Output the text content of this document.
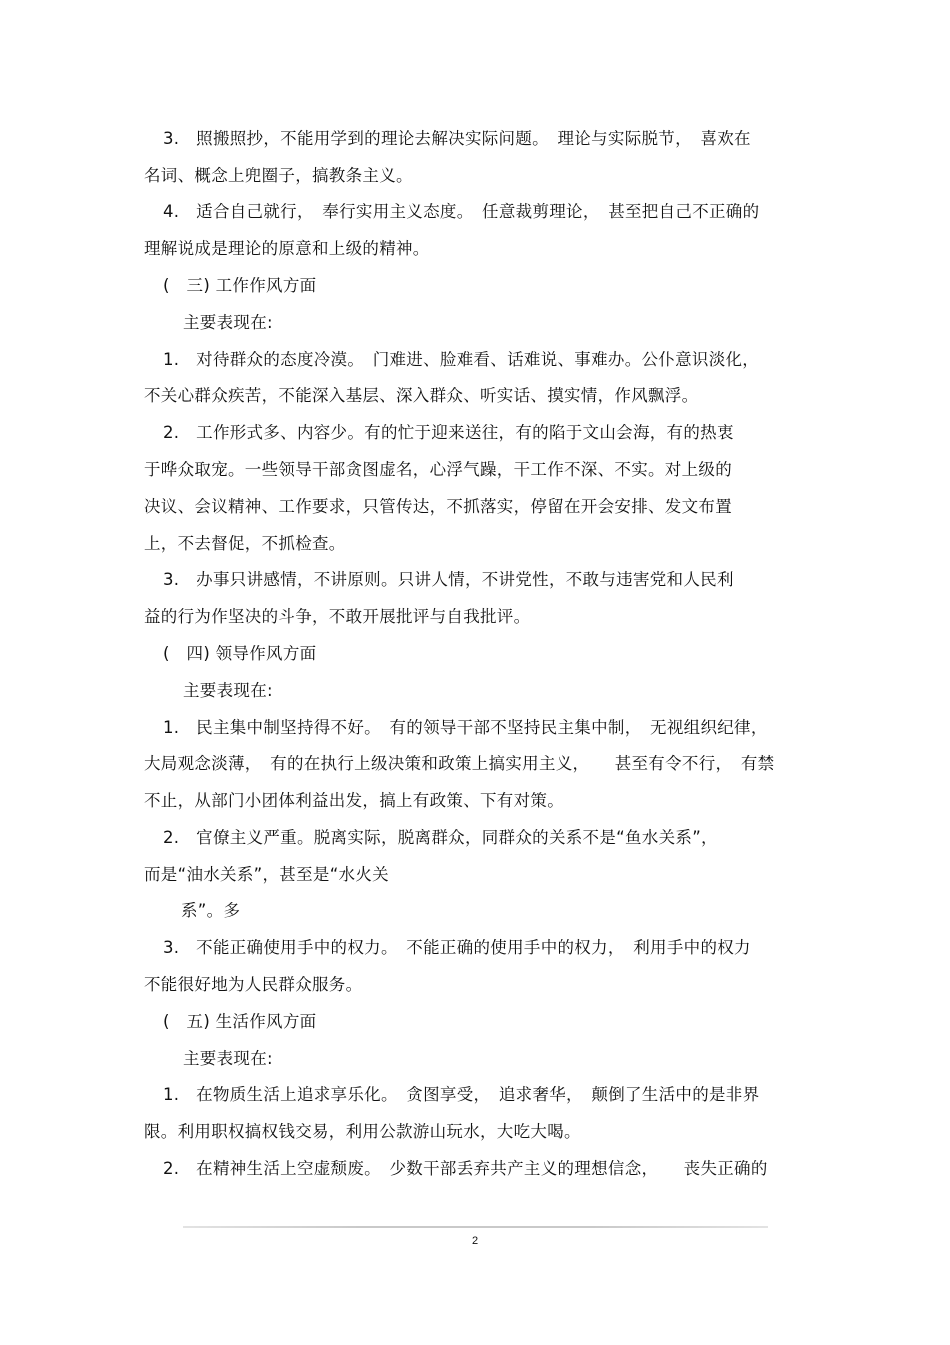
3.　照搬照抄，不能用学到的理论去解决实际问题。　理论与实际脱节，　喜欢在
名词、概念上兜圈子，搞教条主义。
4.　适合自己就行，　奉行实用主义态度。　任意裁剪理论，　甚至把自己不正确的
理解说成是理论的原意和上级的精神。
(　三) 工作作风方面
主要表现在:
1.　对待群众的态度冷漠。　门难进、脸难看、话难说、事难办。公仆意识淡化，
不关心群众疾苦，不能深入基层、深入群众、听实话、摸实情，作风飘浮。
2.　工作形式多、内容少。有的忙于迎来送往，有的陷于文山会海，有的热衷
于哗众取宠。一些领导干部贪图虚名，心浮气躁，干工作不深、不实。对上级的
决议、会议精神、工作要求，只管传达，不抓落实，停留在开会安排、发文布置
上，不去督促，不抓检查。
3.　办事只讲感情，不讲原则。只讲人情，不讲党性，不敢与违害党和人民利
益的行为作坚决的斗争，不敢开展批评与自我批评。
(　四) 领导作风方面
主要表现在:
1.　民主集中制坚持得不好。　有的领导干部不坚持民主集中制，　无视组织纪律，
大局观念淡薄，　有的在执行上级决策和政策上搞实用主义，　　甚至有令不行，　有禁
不止，从部门小团体利益出发，搞上有政策、下有对策。
2.　官僚主义严重。脱离实际，脱离群众，同群众的关系不是“鱼水关系”，
而是“油水关系”，甚至是“水火关
系”。多
3.　不能正确使用手中的权力。　不能正确的使用手中的权力，　利用手中的权力
不能很好地为人民群众服务。
(　五) 生活作风方面
主要表现在:
1.　在物质生活上追求享乐化。　贪图享受，　追求奢华，　颠倒了生活中的是非界
限。利用职权搞权钱交易，利用公款游山玩水，大吃大喝。
2.　在精神生活上空虚颓废。　少数干部丢弃共产主义的理想信念，　　丧失正确的
2
